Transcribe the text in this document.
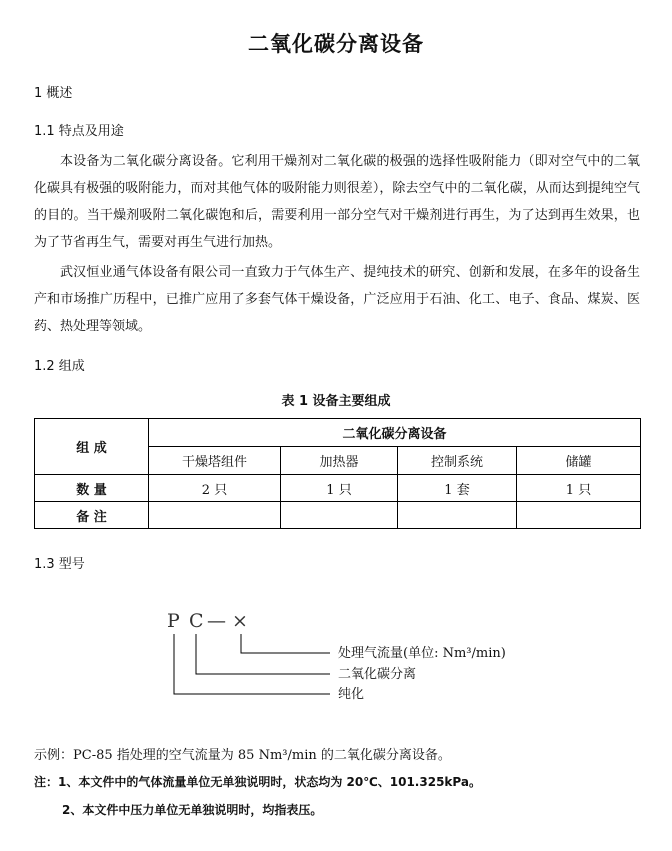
二氧化碳分离设备
1 概述
1.1 特点及用途
本设备为二氧化碳分离设备。它利用干燥剂对二氧化碳的极强的选择性吸附能力（即对空气中的二氧化碳具有极强的吸附能力，而对其他气体的吸附能力则很差），除去空气中的二氧化碳，从而达到提纯空气的目的。当干燥剂吸附二氧化碳饱和后，需要利用一部分空气对干燥剂进行再生，为了达到再生效果，也为了节省再生气，需要对再生气进行加热。
武汉恒业通气体设备有限公司一直致力于气体生产、提纯技术的研究、创新和发展，在多年的设备生产和市场推广历程中，已推广应用了多套气体干燥设备，广泛应用于石油、化工、电子、食品、煤炭、医药、热处理等领域。
1.2 组成
表 1 设备主要组成
组 成	二氧化碳分离设备			
	干燥塔组件	加热器	控制系统	储罐
数 量	2 只	1 只	1 套	1 只
备 注				
1.3 型号
P C — ×
处理气流量(单位: Nm³/min)
二氧化碳分离
纯化
示例：PC-85 指处理的空气流量为 85 Nm³/min 的二氧化碳分离设备。
注：1、本文件中的气体流量单位无单独说明时，状态均为 20℃、101.325kPa。
2、本文件中压力单位无单独说明时，均指表压。
